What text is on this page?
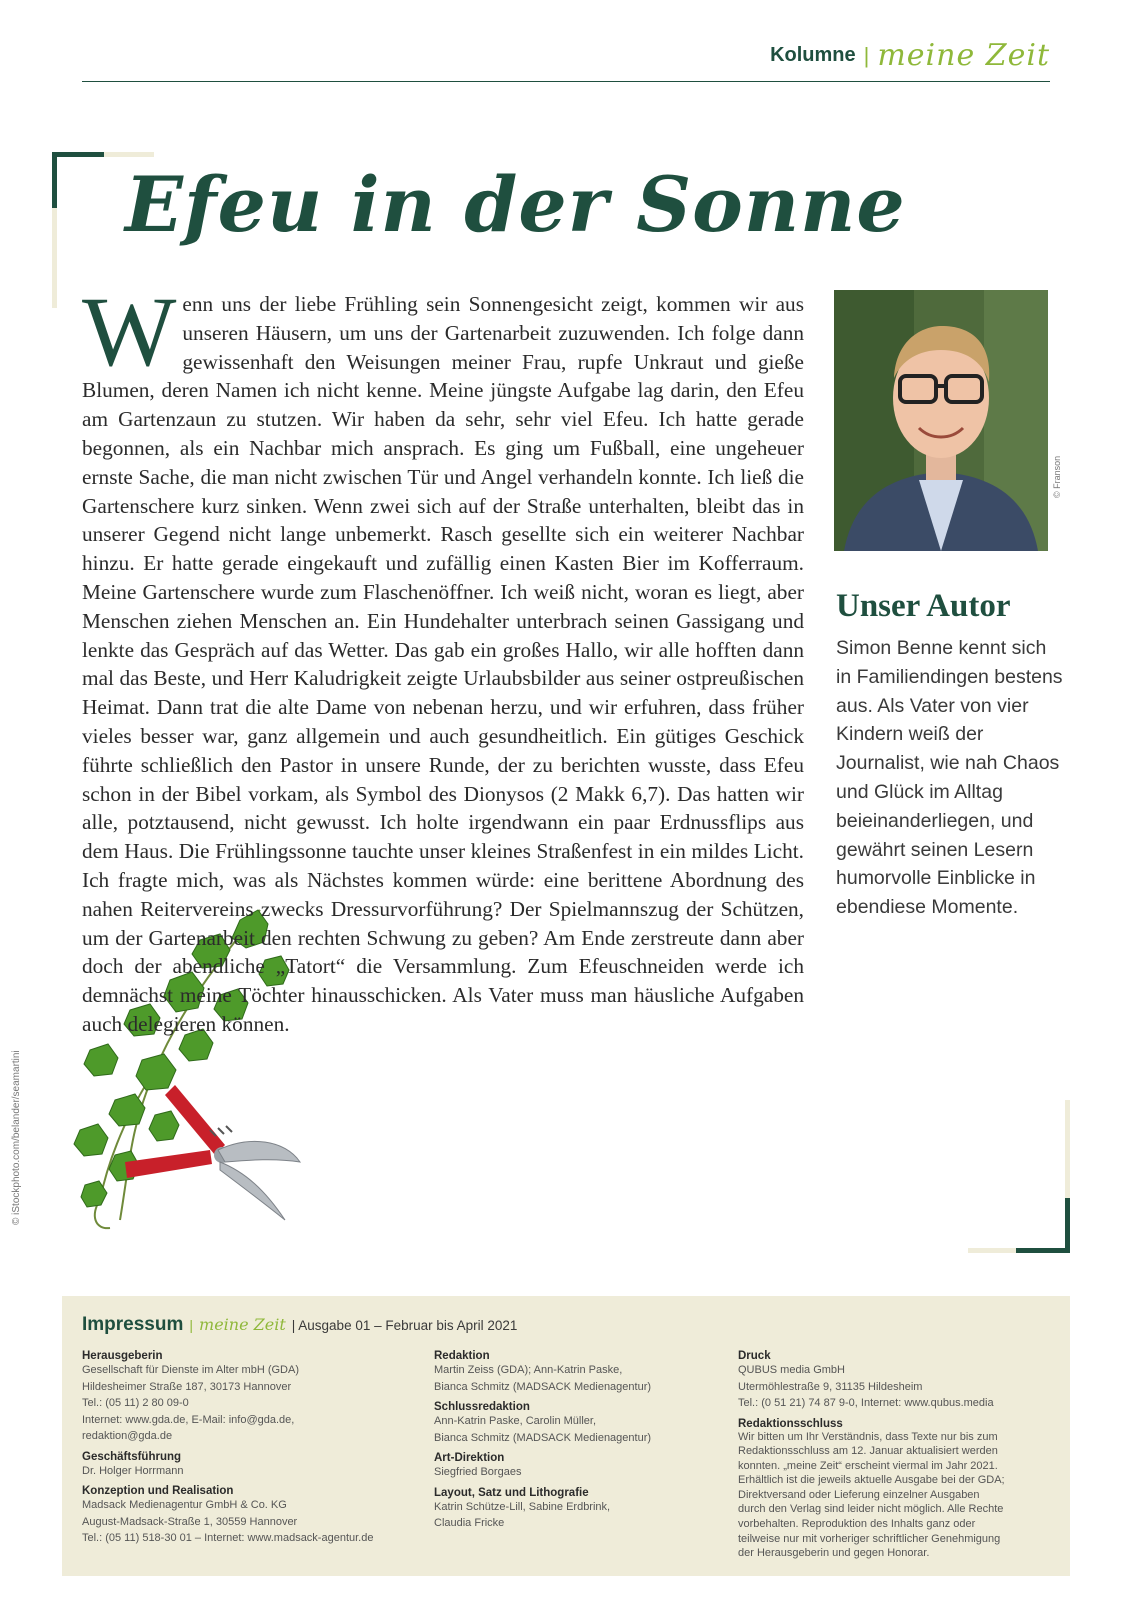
Kolumne | meine Zeit
Efeu in der Sonne
W enn uns der liebe Frühling sein Sonnengesicht zeigt, kommen wir aus unseren Häusern, um uns der Gartenarbeit zuzuwenden. Ich folge dann gewissenhaft den Weisungen meiner Frau, rupfe Unkraut und gieße Blumen, deren Namen ich nicht kenne. Meine jüngste Aufgabe lag darin, den Efeu am Gartenzaun zu stutzen. Wir haben da sehr, sehr viel Efeu. Ich hatte gerade begonnen, als ein Nachbar mich ansprach. Es ging um Fußball, eine ungeheuer ernste Sache, die man nicht zwischen Tür und Angel verhandeln konnte. Ich ließ die Gartenschere kurz sinken. Wenn zwei sich auf der Straße unterhalten, bleibt das in unserer Gegend nicht lange unbemerkt. Rasch gesellte sich ein weiterer Nachbar hinzu. Er hatte gerade eingekauft und zufällig einen Kasten Bier im Kofferraum. Meine Gartenschere wurde zum Flaschenöffner. Ich weiß nicht, woran es liegt, aber Menschen ziehen Menschen an. Ein Hundehalter unterbrach seinen Gassigang und lenkte das Gespräch auf das Wetter. Das gab ein großes Hallo, wir alle hofften dann mal das Beste, und Herr Kaludrigkeit zeigte Urlaubsbilder aus seiner ostpreußischen Heimat. Dann trat die alte Dame von nebenan herzu, und wir erfuhren, dass früher vieles besser war, ganz allgemein und auch gesundheitlich. Ein gütiges Geschick führte schließlich den Pastor in unsere Runde, der zu berichten wusste, dass Efeu schon in der Bibel vorkam, als Symbol des Dionysos (2 Makk 6,7). Das hatten wir alle, potztausend, nicht gewusst. Ich holte irgendwann ein paar Erdnussflips aus dem Haus. Die Frühlingssonne tauchte unser kleines Straßenfest in ein mildes Licht. Ich fragte mich, was als Nächstes kommen würde: eine berittene Abordnung des nahen Reitervereins zwecks Dressurvorführung? Der Spielmannszug der Schützen, um der Gartenarbeit den rechten Schwung zu geben? Am Ende zerstreute dann aber doch der abendliche „Tatort“ die Versammlung. Zum Efeuschneiden werde ich demnächst meine Töchter hinausschicken. Als Vater muss man häusliche Aufgaben auch delegieren können.
© Franson
© iStockphoto.com/belander/seamartini
Unser Autor

Simon Benne kennt sich in Familiendingen bestens aus. Als Vater von vier Kindern weiß der Journalist, wie nah Chaos und Glück im Alltag beieinanderliegen, und gewährt seinen Lesern humorvolle Einblicke in ebendiese Momente.

Impressum | meine Zeit | Ausgabe 01 – Februar bis April 2021
Herausgeberin
Gesellschaft für Dienste im Alter mbH (GDA)
Hildesheimer Straße 187, 30173 Hannover
Tel.: (05 11) 2 80 09-0
Internet: www.gda.de, E-Mail: info@gda.de,
redaktion@gda.de
Geschäftsführung
Dr. Holger Horrmann
Konzeption und Realisation
Madsack Medienagentur GmbH & Co. KG
August-Madsack-Straße 1, 30559 Hannover
Tel.: (05 11) 518-30 01 – Internet: www.madsack-agentur.de
Redaktion
Martin Zeiss (GDA); Ann-Katrin Paske,
Bianca Schmitz (MADSACK Medienagentur)
Schlussredaktion
Ann-Katrin Paske, Carolin Müller,
Bianca Schmitz (MADSACK Medienagentur)
Art-Direktion
Siegfried Borgaes
Layout, Satz und Lithografie
Katrin Schütze-Lill, Sabine Erdbrink,
Claudia Fricke
Druck
QUBUS media GmbH
Utermöhlestraße 9, 31135 Hildesheim
Tel.: (0 51 21) 74 87 9-0, Internet: www.qubus.media
Redaktionsschluss
Wir bitten um Ihr Verständnis, dass Texte nur bis zum
Redaktionsschluss am 12. Januar aktualisiert werden
konnten. „meine Zeit“ erscheint viermal im Jahr 2021.
Erhältlich ist die jeweils aktuelle Ausgabe bei der GDA;
Direktversand oder Lieferung einzelner Ausgaben
durch den Verlag sind leider nicht möglich. Alle Rechte
vorbehalten. Reproduktion des Inhalts ganz oder
teilweise nur mit vorheriger schriftlicher Genehmigung
der Herausgeberin und gegen Honorar.
